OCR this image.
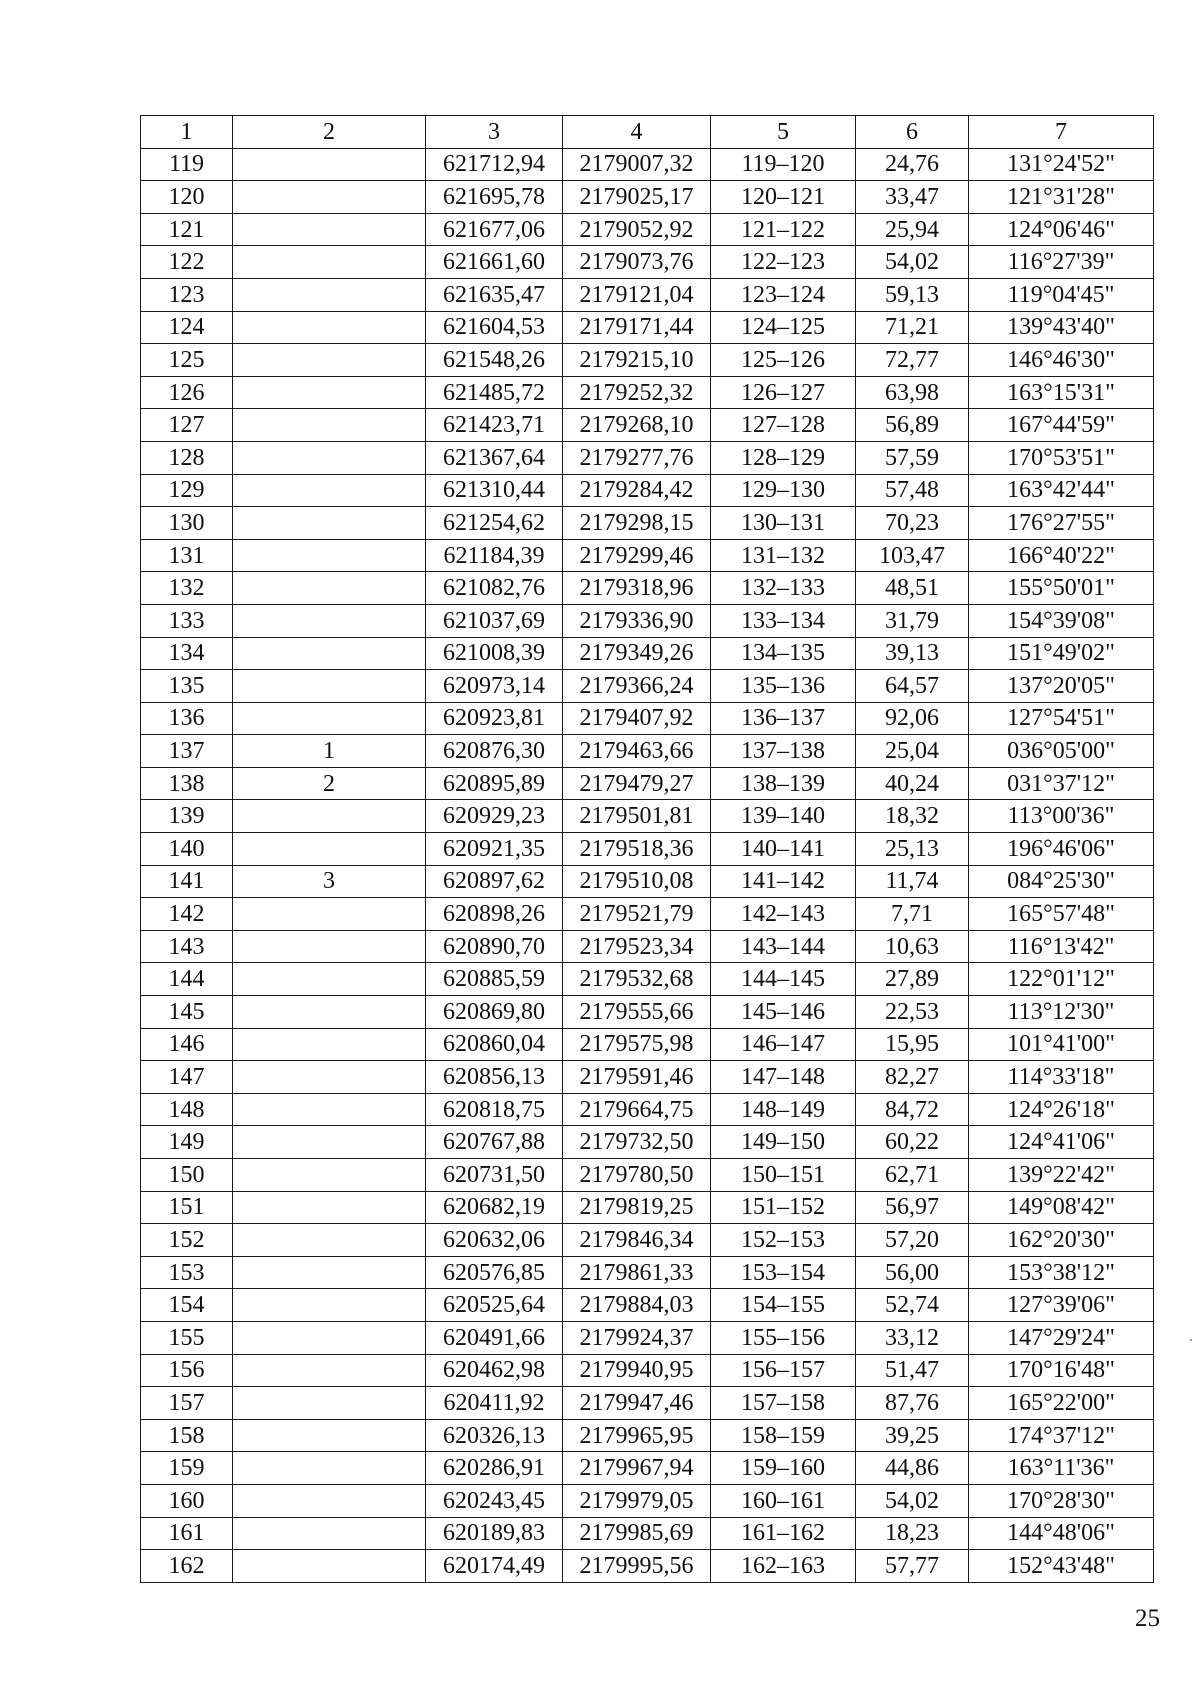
1	2	3	4	5	6	7
119		621712,94	2179007,32	119–120	24,76	131°24'52"
120		621695,78	2179025,17	120–121	33,47	121°31'28"
121		621677,06	2179052,92	121–122	25,94	124°06'46"
122		621661,60	2179073,76	122–123	54,02	116°27'39"
123		621635,47	2179121,04	123–124	59,13	119°04'45"
124		621604,53	2179171,44	124–125	71,21	139°43'40"
125		621548,26	2179215,10	125–126	72,77	146°46'30"
126		621485,72	2179252,32	126–127	63,98	163°15'31"
127		621423,71	2179268,10	127–128	56,89	167°44'59"
128		621367,64	2179277,76	128–129	57,59	170°53'51"
129		621310,44	2179284,42	129–130	57,48	163°42'44"
130		621254,62	2179298,15	130–131	70,23	176°27'55"
131		621184,39	2179299,46	131–132	103,47	166°40'22"
132		621082,76	2179318,96	132–133	48,51	155°50'01"
133		621037,69	2179336,90	133–134	31,79	154°39'08"
134		621008,39	2179349,26	134–135	39,13	151°49'02"
135		620973,14	2179366,24	135–136	64,57	137°20'05"
136		620923,81	2179407,92	136–137	92,06	127°54'51"
137	1	620876,30	2179463,66	137–138	25,04	036°05'00"
138	2	620895,89	2179479,27	138–139	40,24	031°37'12"
139		620929,23	2179501,81	139–140	18,32	113°00'36"
140		620921,35	2179518,36	140–141	25,13	196°46'06"
141	3	620897,62	2179510,08	141–142	11,74	084°25'30"
142		620898,26	2179521,79	142–143	7,71	165°57'48"
143		620890,70	2179523,34	143–144	10,63	116°13'42"
144		620885,59	2179532,68	144–145	27,89	122°01'12"
145		620869,80	2179555,66	145–146	22,53	113°12'30"
146		620860,04	2179575,98	146–147	15,95	101°41'00"
147		620856,13	2179591,46	147–148	82,27	114°33'18"
148		620818,75	2179664,75	148–149	84,72	124°26'18"
149		620767,88	2179732,50	149–150	60,22	124°41'06"
150		620731,50	2179780,50	150–151	62,71	139°22'42"
151		620682,19	2179819,25	151–152	56,97	149°08'42"
152		620632,06	2179846,34	152–153	57,20	162°20'30"
153		620576,85	2179861,33	153–154	56,00	153°38'12"
154		620525,64	2179884,03	154–155	52,74	127°39'06"
155		620491,66	2179924,37	155–156	33,12	147°29'24"
156		620462,98	2179940,95	156–157	51,47	170°16'48"
157		620411,92	2179947,46	157–158	87,76	165°22'00"
158		620326,13	2179965,95	158–159	39,25	174°37'12"
159		620286,91	2179967,94	159–160	44,86	163°11'36"
160		620243,45	2179979,05	160–161	54,02	170°28'30"
161		620189,83	2179985,69	161–162	18,23	144°48'06"
162		620174,49	2179995,56	162–163	57,77	152°43'48"
25
